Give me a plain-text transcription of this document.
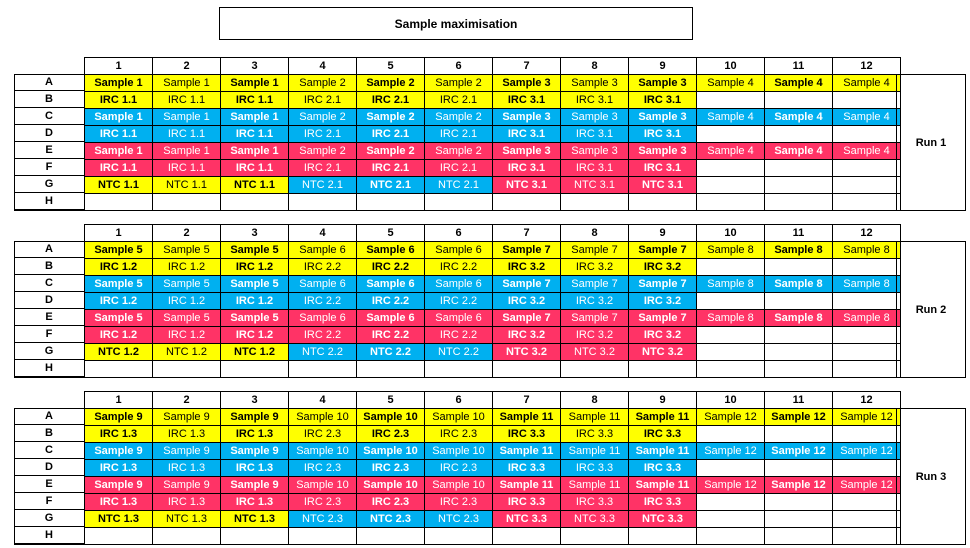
Sample maximisation
1	2	3	4	5	6	7	8	9	10	11	12
A	Sample 1	Sample 1	Sample 1	Sample 2	Sample 2	Sample 2	Sample 3	Sample 3	Sample 3	Sample 4	Sample 4	Sample 4
B	IRC 1.1	IRC 1.1	IRC 1.1	IRC 2.1	IRC 2.1	IRC 2.1	IRC 3.1	IRC 3.1	IRC 3.1
C	Sample 1	Sample 1	Sample 1	Sample 2	Sample 2	Sample 2	Sample 3	Sample 3	Sample 3	Sample 4	Sample 4	Sample 4
D	IRC 1.1	IRC 1.1	IRC 1.1	IRC 2.1	IRC 2.1	IRC 2.1	IRC 3.1	IRC 3.1	IRC 3.1
E	Sample 1	Sample 1	Sample 1	Sample 2	Sample 2	Sample 2	Sample 3	Sample 3	Sample 3	Sample 4	Sample 4	Sample 4
F	IRC 1.1	IRC 1.1	IRC 1.1	IRC 2.1	IRC 2.1	IRC 2.1	IRC 3.1	IRC 3.1	IRC 3.1
G	NTC 1.1	NTC 1.1	NTC 1.1	NTC 2.1	NTC 2.1	NTC 2.1	NTC 3.1	NTC 3.1	NTC 3.1
H
Run 1
1	2	3	4	5	6	7	8	9	10	11	12
A	Sample 5	Sample 5	Sample 5	Sample 6	Sample 6	Sample 6	Sample 7	Sample 7	Sample 7	Sample 8	Sample 8	Sample 8
B	IRC 1.2	IRC 1.2	IRC 1.2	IRC 2.2	IRC 2.2	IRC 2.2	IRC 3.2	IRC 3.2	IRC 3.2
C	Sample 5	Sample 5	Sample 5	Sample 6	Sample 6	Sample 6	Sample 7	Sample 7	Sample 7	Sample 8	Sample 8	Sample 8
D	IRC 1.2	IRC 1.2	IRC 1.2	IRC 2.2	IRC 2.2	IRC 2.2	IRC 3.2	IRC 3.2	IRC 3.2
E	Sample 5	Sample 5	Sample 5	Sample 6	Sample 6	Sample 6	Sample 7	Sample 7	Sample 7	Sample 8	Sample 8	Sample 8
F	IRC 1.2	IRC 1.2	IRC 1.2	IRC 2.2	IRC 2.2	IRC 2.2	IRC 3.2	IRC 3.2	IRC 3.2
G	NTC 1.2	NTC 1.2	NTC 1.2	NTC 2.2	NTC 2.2	NTC 2.2	NTC 3.2	NTC 3.2	NTC 3.2
H
Run 2
1	2	3	4	5	6	7	8	9	10	11	12
A	Sample 9	Sample 9	Sample 9	Sample 10	Sample 10	Sample 10	Sample 11	Sample 11	Sample 11	Sample 12	Sample 12	Sample 12
B	IRC 1.3	IRC 1.3	IRC 1.3	IRC 2.3	IRC 2.3	IRC 2.3	IRC 3.3	IRC 3.3	IRC 3.3
C	Sample 9	Sample 9	Sample 9	Sample 10	Sample 10	Sample 10	Sample 11	Sample 11	Sample 11	Sample 12	Sample 12	Sample 12
D	IRC 1.3	IRC 1.3	IRC 1.3	IRC 2.3	IRC 2.3	IRC 2.3	IRC 3.3	IRC 3.3	IRC 3.3
E	Sample 9	Sample 9	Sample 9	Sample 10	Sample 10	Sample 10	Sample 11	Sample 11	Sample 11	Sample 12	Sample 12	Sample 12
F	IRC 1.3	IRC 1.3	IRC 1.3	IRC 2.3	IRC 2.3	IRC 2.3	IRC 3.3	IRC 3.3	IRC 3.3
G	NTC 1.3	NTC 1.3	NTC 1.3	NTC 2.3	NTC 2.3	NTC 2.3	NTC 3.3	NTC 3.3	NTC 3.3
H
Run 3
